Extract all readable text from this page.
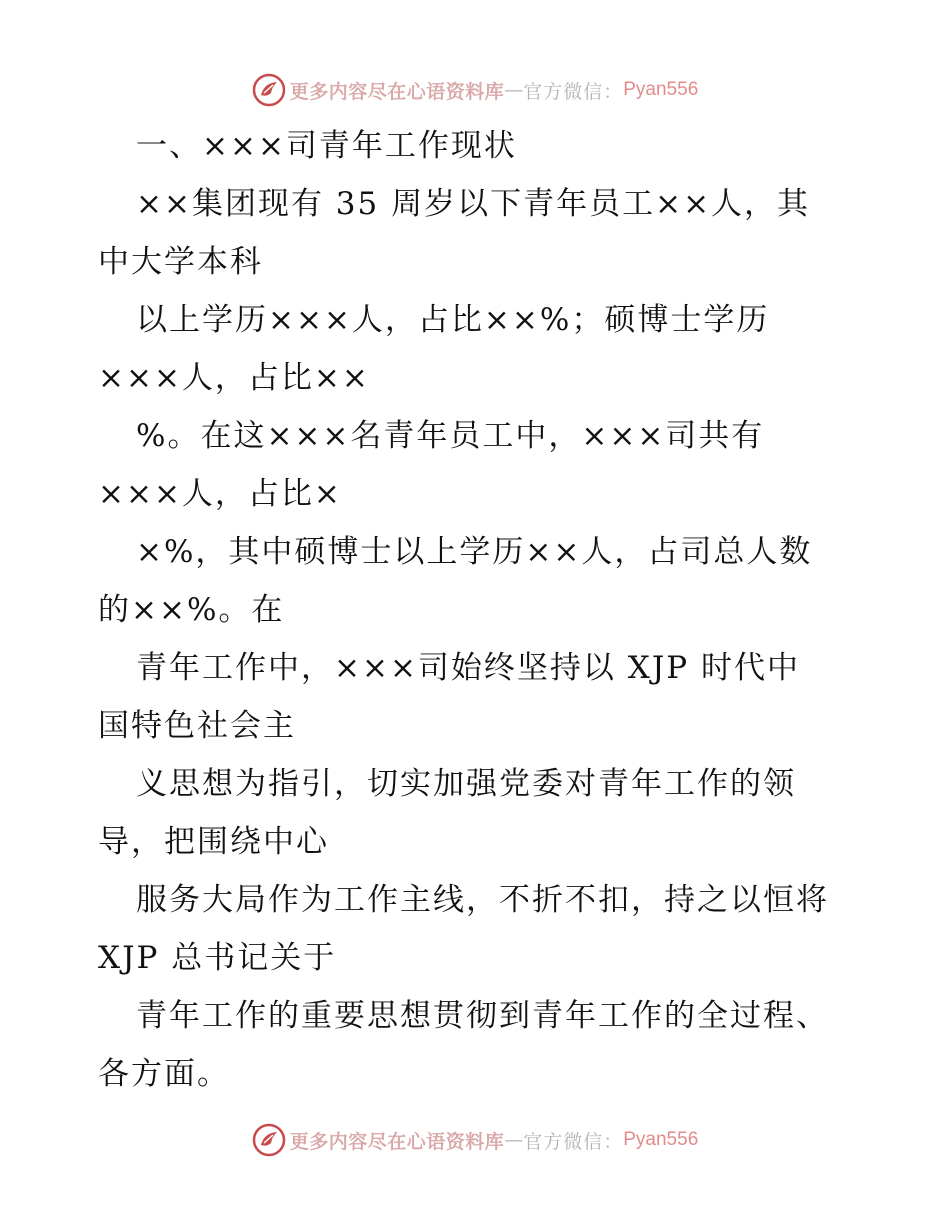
更多内容尽在心语资料库 — 官方微信： Pyan556
一、×××司青年工作现状
××集团现有 35 周岁以下青年员工××人，其
中大学本科
以上学历×××人，占比××%；硕博士学历
×××人，占比××
%。在这×××名青年员工中，×××司共有
×××人，占比×
×%，其中硕博士以上学历××人，占司总人数
的××%。在
青年工作中，×××司始终坚持以 XJP 时代中
国特色社会主
义思想为指引，切实加强党委对青年工作的领
导，把围绕中心
服务大局作为工作主线，不折不扣，持之以恒将
XJP 总书记关于
青年工作的重要思想贯彻到青年工作的全过程、
各方面。
更多内容尽在心语资料库 — 官方微信： Pyan556
